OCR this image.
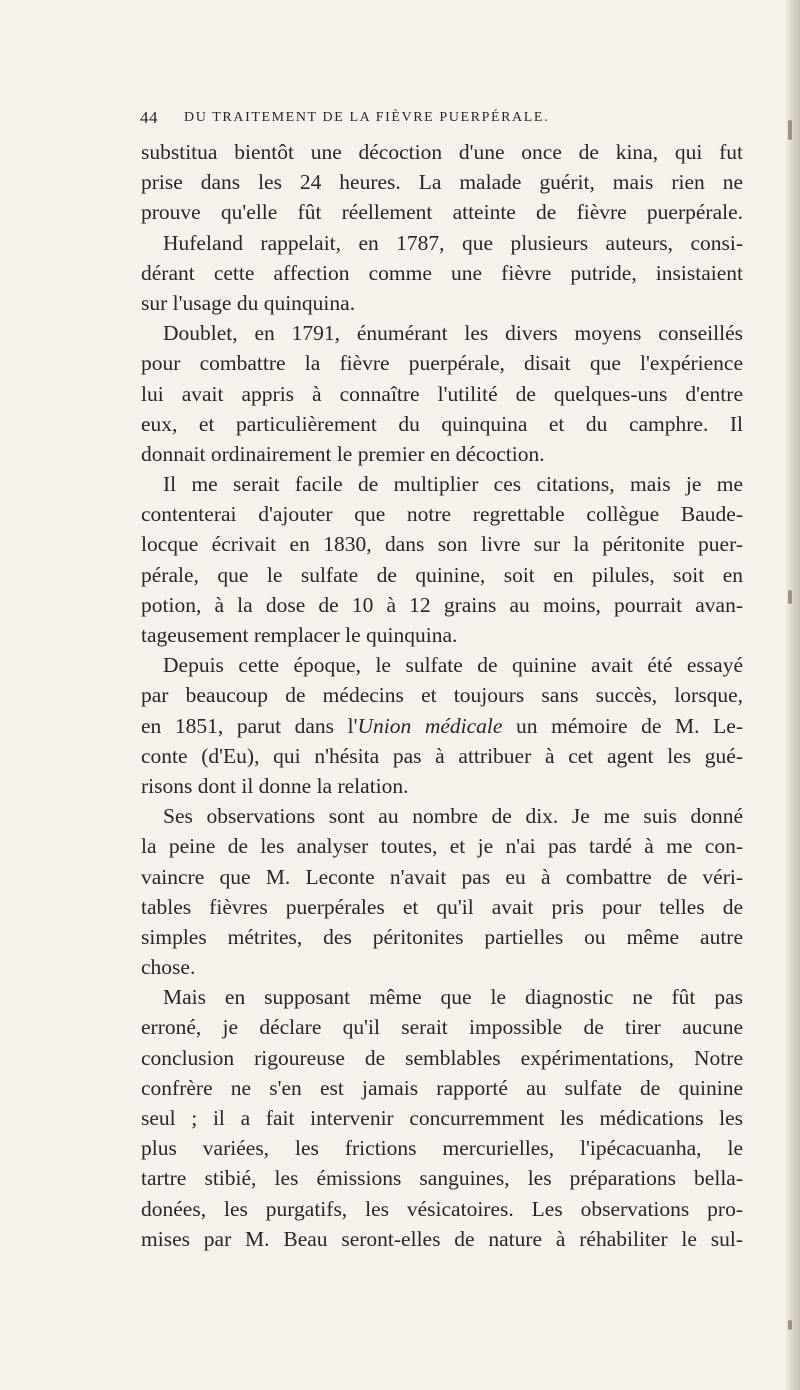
44 DU TRAITEMENT DE LA FIÈVRE PUERPÉRALE.
substitua bientôt une décoction d'une once de kina, qui fut
prise dans les 24 heures. La malade guérit, mais rien ne
prouve qu'elle fût réellement atteinte de fièvre puerpérale.
Hufeland rappelait, en 1787, que plusieurs auteurs, consi-
dérant cette affection comme une fièvre putride, insistaient
sur l'usage du quinquina.
Doublet, en 1791, énumérant les divers moyens conseillés
pour combattre la fièvre puerpérale, disait que l'expérience
lui avait appris à connaître l'utilité de quelques-uns d'entre
eux, et particulièrement du quinquina et du camphre. Il
donnait ordinairement le premier en décoction.
Il me serait facile de multiplier ces citations, mais je me
contenterai d'ajouter que notre regrettable collègue Baude-
locque écrivait en 1830, dans son livre sur la péritonite puer-
pérale, que le sulfate de quinine, soit en pilules, soit en
potion, à la dose de 10 à 12 grains au moins, pourrait avan-
tageusement remplacer le quinquina.
Depuis cette époque, le sulfate de quinine avait été essayé
par beaucoup de médecins et toujours sans succès, lorsque,
en 1851, parut dans l'Union médicale un mémoire de M. Le-
conte (d'Eu), qui n'hésita pas à attribuer à cet agent les gué-
risons dont il donne la relation.
Ses observations sont au nombre de dix. Je me suis donné
la peine de les analyser toutes, et je n'ai pas tardé à me con-
vaincre que M. Leconte n'avait pas eu à combattre de véri-
tables fièvres puerpérales et qu'il avait pris pour telles de
simples métrites, des péritonites partielles ou même autre
chose.
Mais en supposant même que le diagnostic ne fût pas
erroné, je déclare qu'il serait impossible de tirer aucune
conclusion rigoureuse de semblables expérimentations, Notre
confrère ne s'en est jamais rapporté au sulfate de quinine
seul ; il a fait intervenir concurremment les médications les
plus variées, les frictions mercurielles, l'ipécacuanha, le
tartre stibié, les émissions sanguines, les préparations bella-
donées, les purgatifs, les vésicatoires. Les observations pro-
mises par M. Beau seront-elles de nature à réhabiliter le sul-
